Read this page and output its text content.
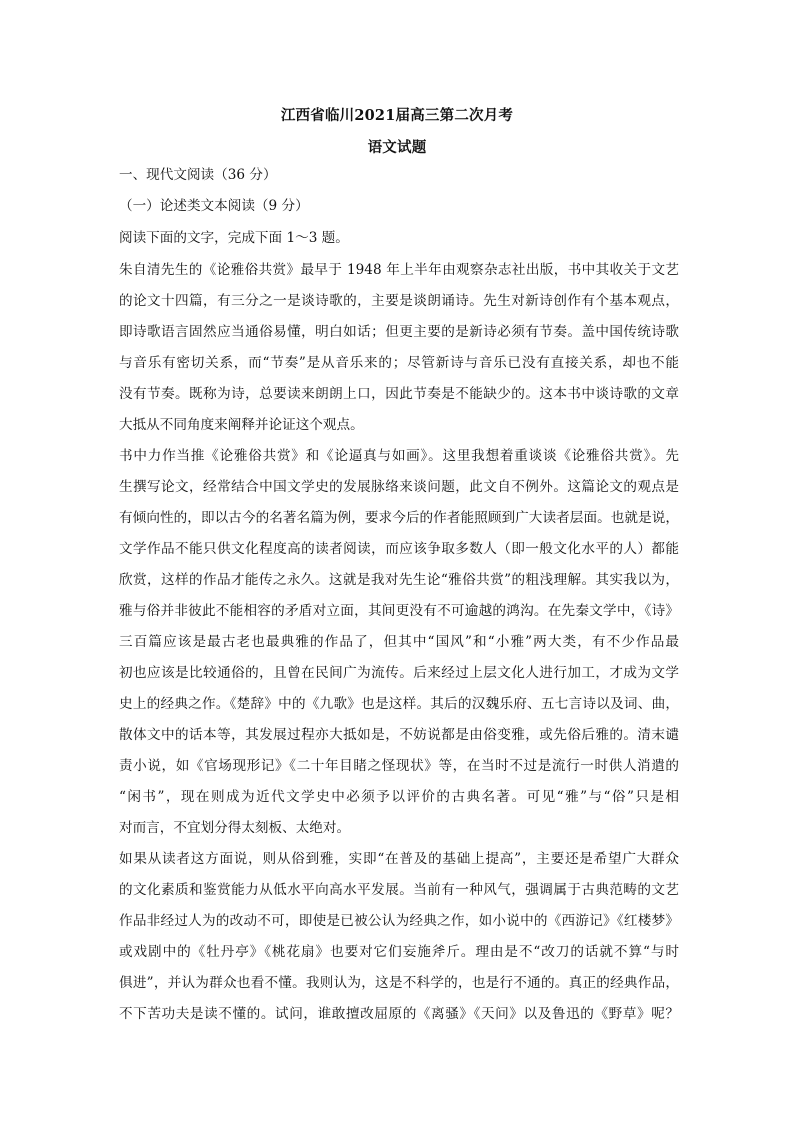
江西省临川2021届高三第二次月考
语文试题
一、现代文阅读（36 分）
（一）论述类文本阅读（9 分）
阅读下面的文字，完成下面 1～3 题。
朱自清先生的《论雅俗共赏》最早于 1948 年上半年由观察杂志社出版，书中其收关于文艺
的论文十四篇，有三分之一是谈诗歌的，主要是谈朗诵诗。先生对新诗创作有个基本观点，
即诗歌语言固然应当通俗易懂，明白如话；但更主要的是新诗必须有节奏。盖中国传统诗歌
与音乐有密切关系，而“节奏”是从音乐来的；尽管新诗与音乐已没有直接关系，却也不能
没有节奏。既称为诗，总要读来朗朗上口，因此节奏是不能缺少的。这本书中谈诗歌的文章
大抵从不同角度来阐释并论证这个观点。
书中力作当推《论雅俗共赏》和《论逼真与如画》。这里我想着重谈谈《论雅俗共赏》。先
生撰写论文，经常结合中国文学史的发展脉络来谈问题，此文自不例外。这篇论文的观点是
有倾向性的，即以古今的名著名篇为例，要求今后的作者能照顾到广大读者层面。也就是说，
文学作品不能只供文化程度高的读者阅读，而应该争取多数人（即一般文化水平的人）都能
欣赏，这样的作品才能传之永久。这就是我对先生论“雅俗共赏”的粗浅理解。其实我以为，
雅与俗并非彼此不能相容的矛盾对立面，其间更没有不可逾越的鸿沟。在先秦文学中，《诗》
三百篇应该是最古老也最典雅的作品了，但其中“国风”和“小雅”两大类，有不少作品最
初也应该是比较通俗的，且曾在民间广为流传。后来经过上层文化人进行加工，才成为文学
史上的经典之作。《楚辞》中的《九歌》也是这样。其后的汉魏乐府、五七言诗以及词、曲，
散体文中的话本等，其发展过程亦大抵如是，不妨说都是由俗变雅，或先俗后雅的。清末谴
责小说，如《官场现形记》《二十年目睹之怪现状》等，在当时不过是流行一时供人消遣的
“闲书”，现在则成为近代文学史中必须予以评价的古典名著。可见“雅”与“俗”只是相
对而言，不宜划分得太刻板、太绝对。
如果从读者这方面说，则从俗到雅，实即“在普及的基础上提高”，主要还是希望广大群众
的文化素质和鉴赏能力从低水平向高水平发展。当前有一种风气，强调属于古典范畴的文艺
作品非经过人为的改动不可，即使是已被公认为经典之作，如小说中的《西游记》《红楼梦》
或戏剧中的《牡丹亭》《桃花扇》也要对它们妄施斧斤。理由是不“改刀的话就不算“与时
俱进”，并认为群众也看不懂。我则认为，这是不科学的，也是行不通的。真正的经典作品，
不下苦功夫是读不懂的。试问，谁敢擅改屈原的《离骚》《天问》以及鲁迅的《野草》呢？
